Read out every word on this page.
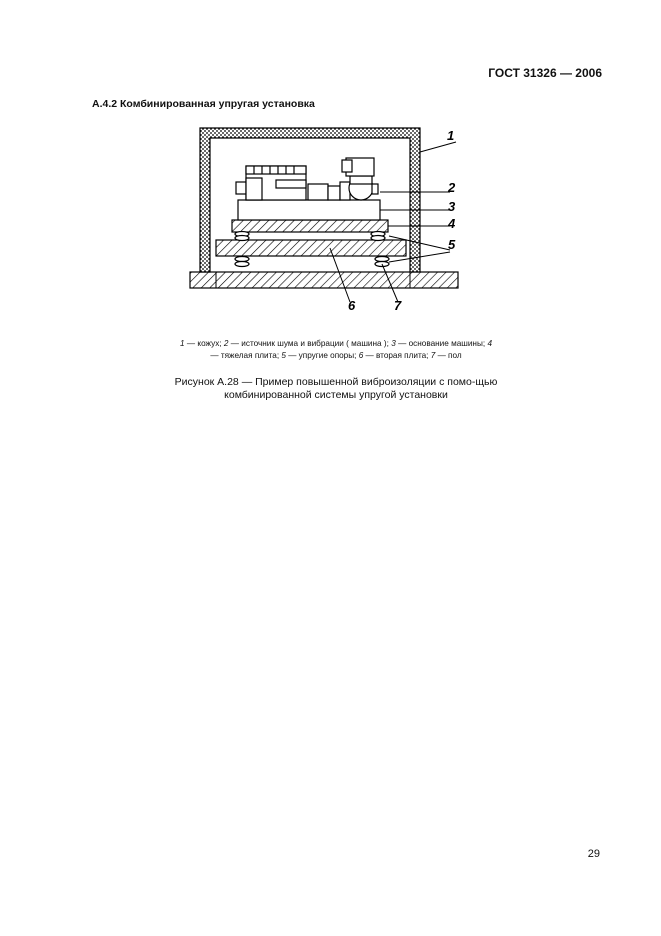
ГОСТ 31326 — 2006
А.4.2 Комбинированная упругая установка
1
2
3
4
5
6	7
1 — кожух; 2 — источник шума и вибрации ( машина ); 3 — основание машины; 4 — тяжелая плита; 5 — упругие опоры; 6 — вторая плита; 7 — пол
Рисунок А.28 — Пример повышенной виброизоляции с помо-щью комбинированной системы упругой установки
29
